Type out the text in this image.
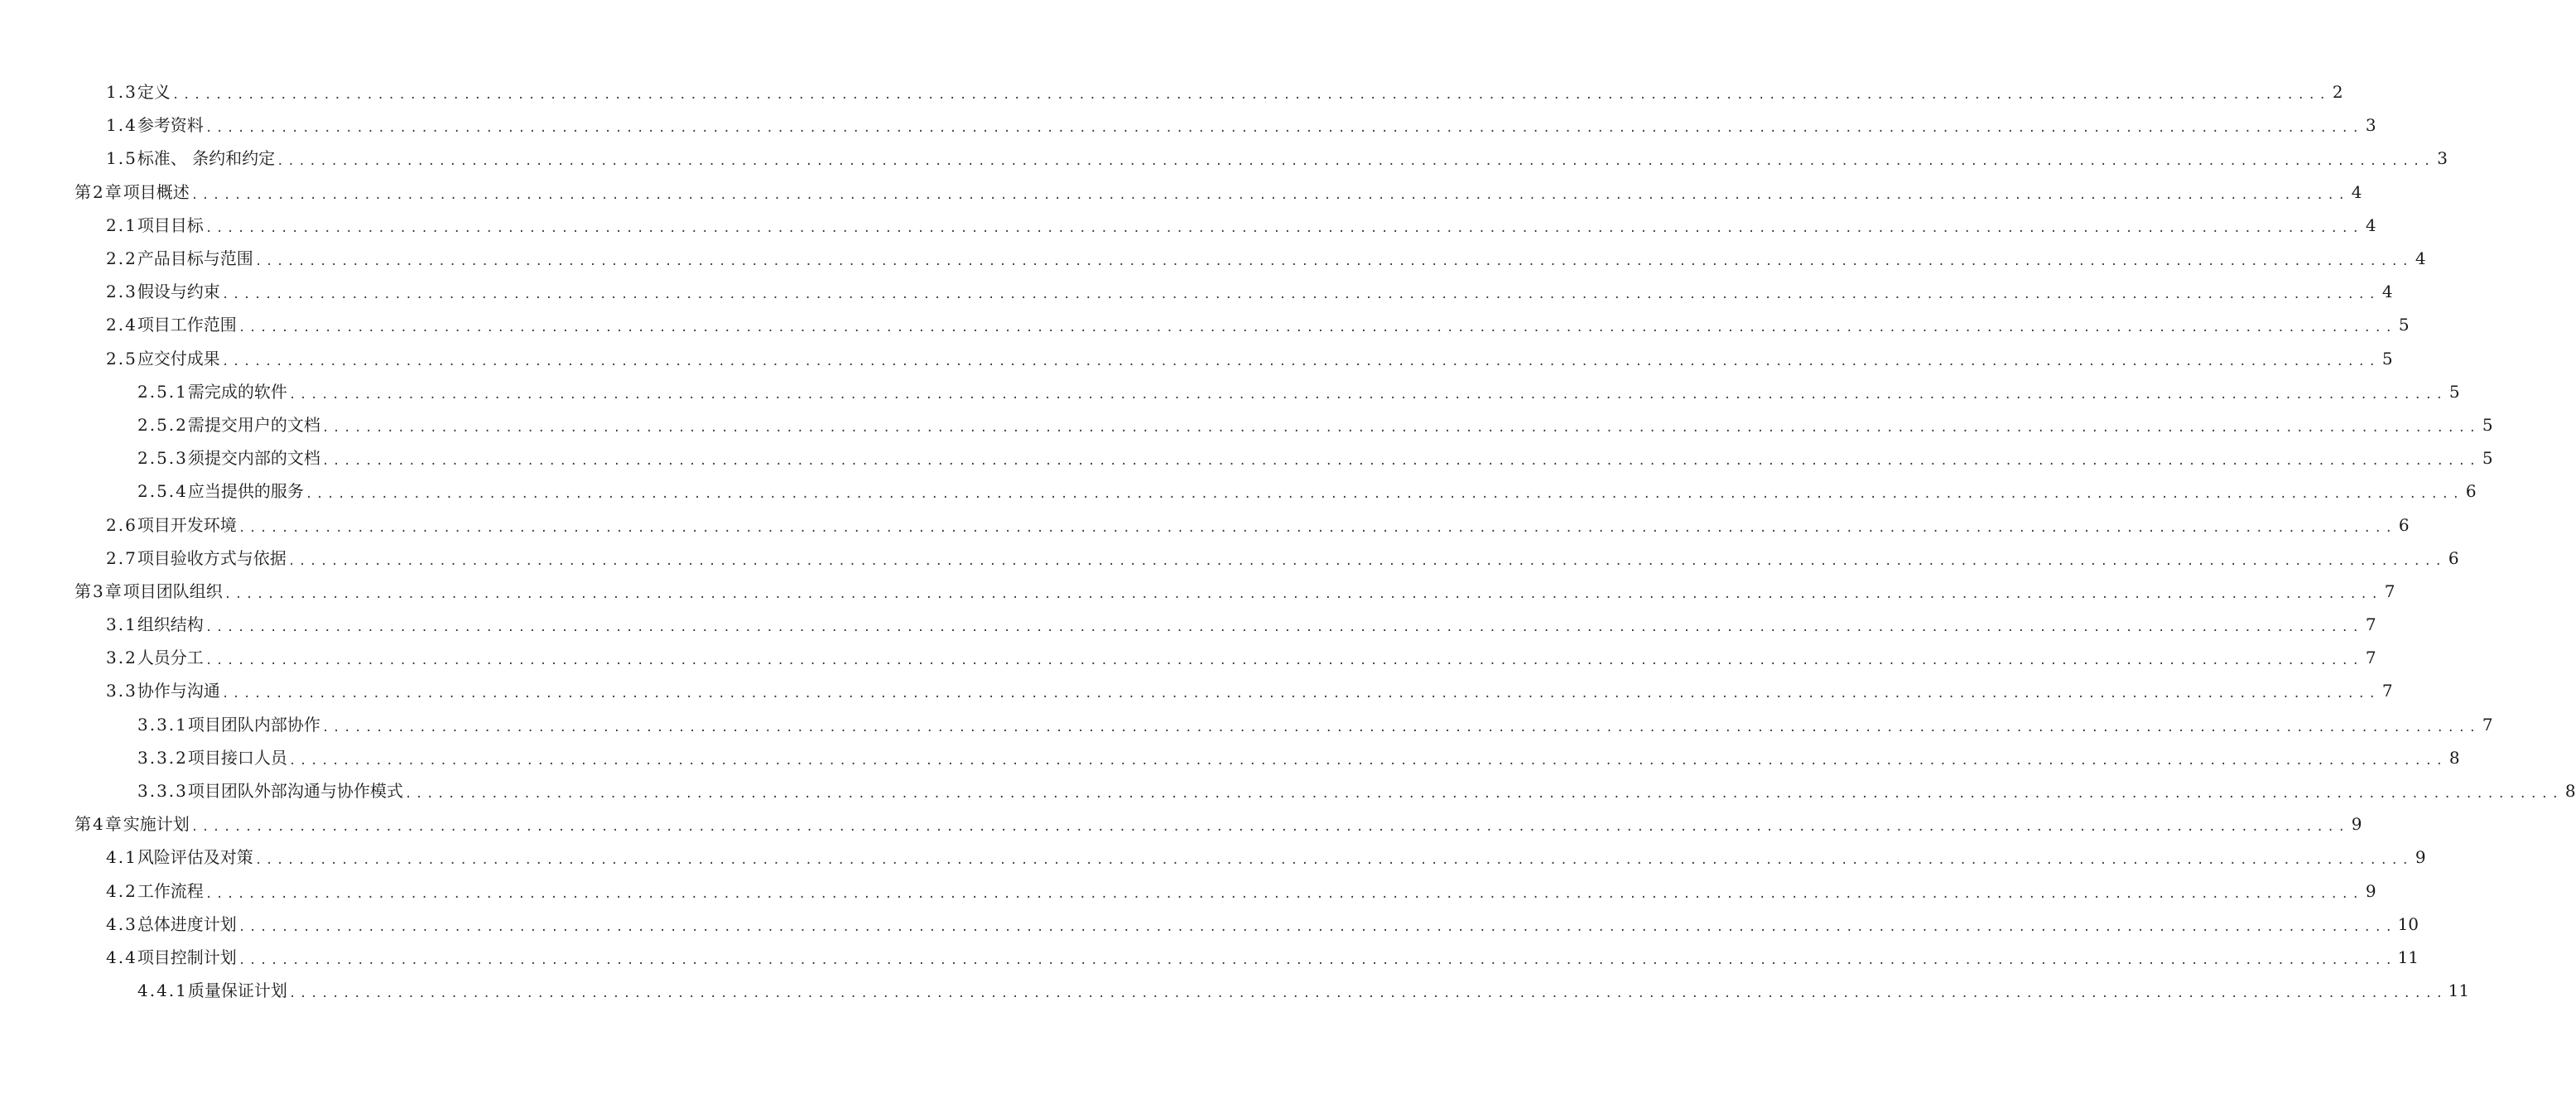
1.3 定义 ........................................................................................................................................................................................................ 2
1.4 参考资料 ........................................................................................................................................................................................................ 3
1.5 标准、 条约和约定 ........................................................................................................................................................................................................ 3
第2章 项目概述 ........................................................................................................................................................................................................ 4
2.1 项目目标 ........................................................................................................................................................................................................ 4
2.2 产品目标与范围 ........................................................................................................................................................................................................ 4
2.3 假设与约束 ........................................................................................................................................................................................................ 4
2.4 项目工作范围 ........................................................................................................................................................................................................ 5
2.5 应交付成果 ........................................................................................................................................................................................................ 5
2.5.1 需完成的软件 ........................................................................................................................................................................................................ 5
2.5.2 需提交用户的文档 ........................................................................................................................................................................................................ 5
2.5.3 须提交内部的文档 ........................................................................................................................................................................................................ 5
2.5.4 应当提供的服务 ........................................................................................................................................................................................................ 6
2.6 项目开发环境 ........................................................................................................................................................................................................ 6
2.7 项目验收方式与依据 ........................................................................................................................................................................................................ 6
第3章 项目团队组织 ........................................................................................................................................................................................................ 7
3.1 组织结构 ........................................................................................................................................................................................................ 7
3.2 人员分工 ........................................................................................................................................................................................................ 7
3.3 协作与沟通 ........................................................................................................................................................................................................ 7
3.3.1 项目团队内部协作 ........................................................................................................................................................................................................ 7
3.3.2 项目接口人员 ........................................................................................................................................................................................................ 8
3.3.3 项目团队外部沟通与协作模式 ........................................................................................................................................................................................................ 8
第4章 实施计划 ........................................................................................................................................................................................................ 9
4.1 风险评估及对策 ........................................................................................................................................................................................................ 9
4.2 工作流程 ........................................................................................................................................................................................................ 9
4.3 总体进度计划 ........................................................................................................................................................................................................ 10
4.4 项目控制计划 ........................................................................................................................................................................................................ 11
4.4.1 质量保证计划 ........................................................................................................................................................................................................ 11
